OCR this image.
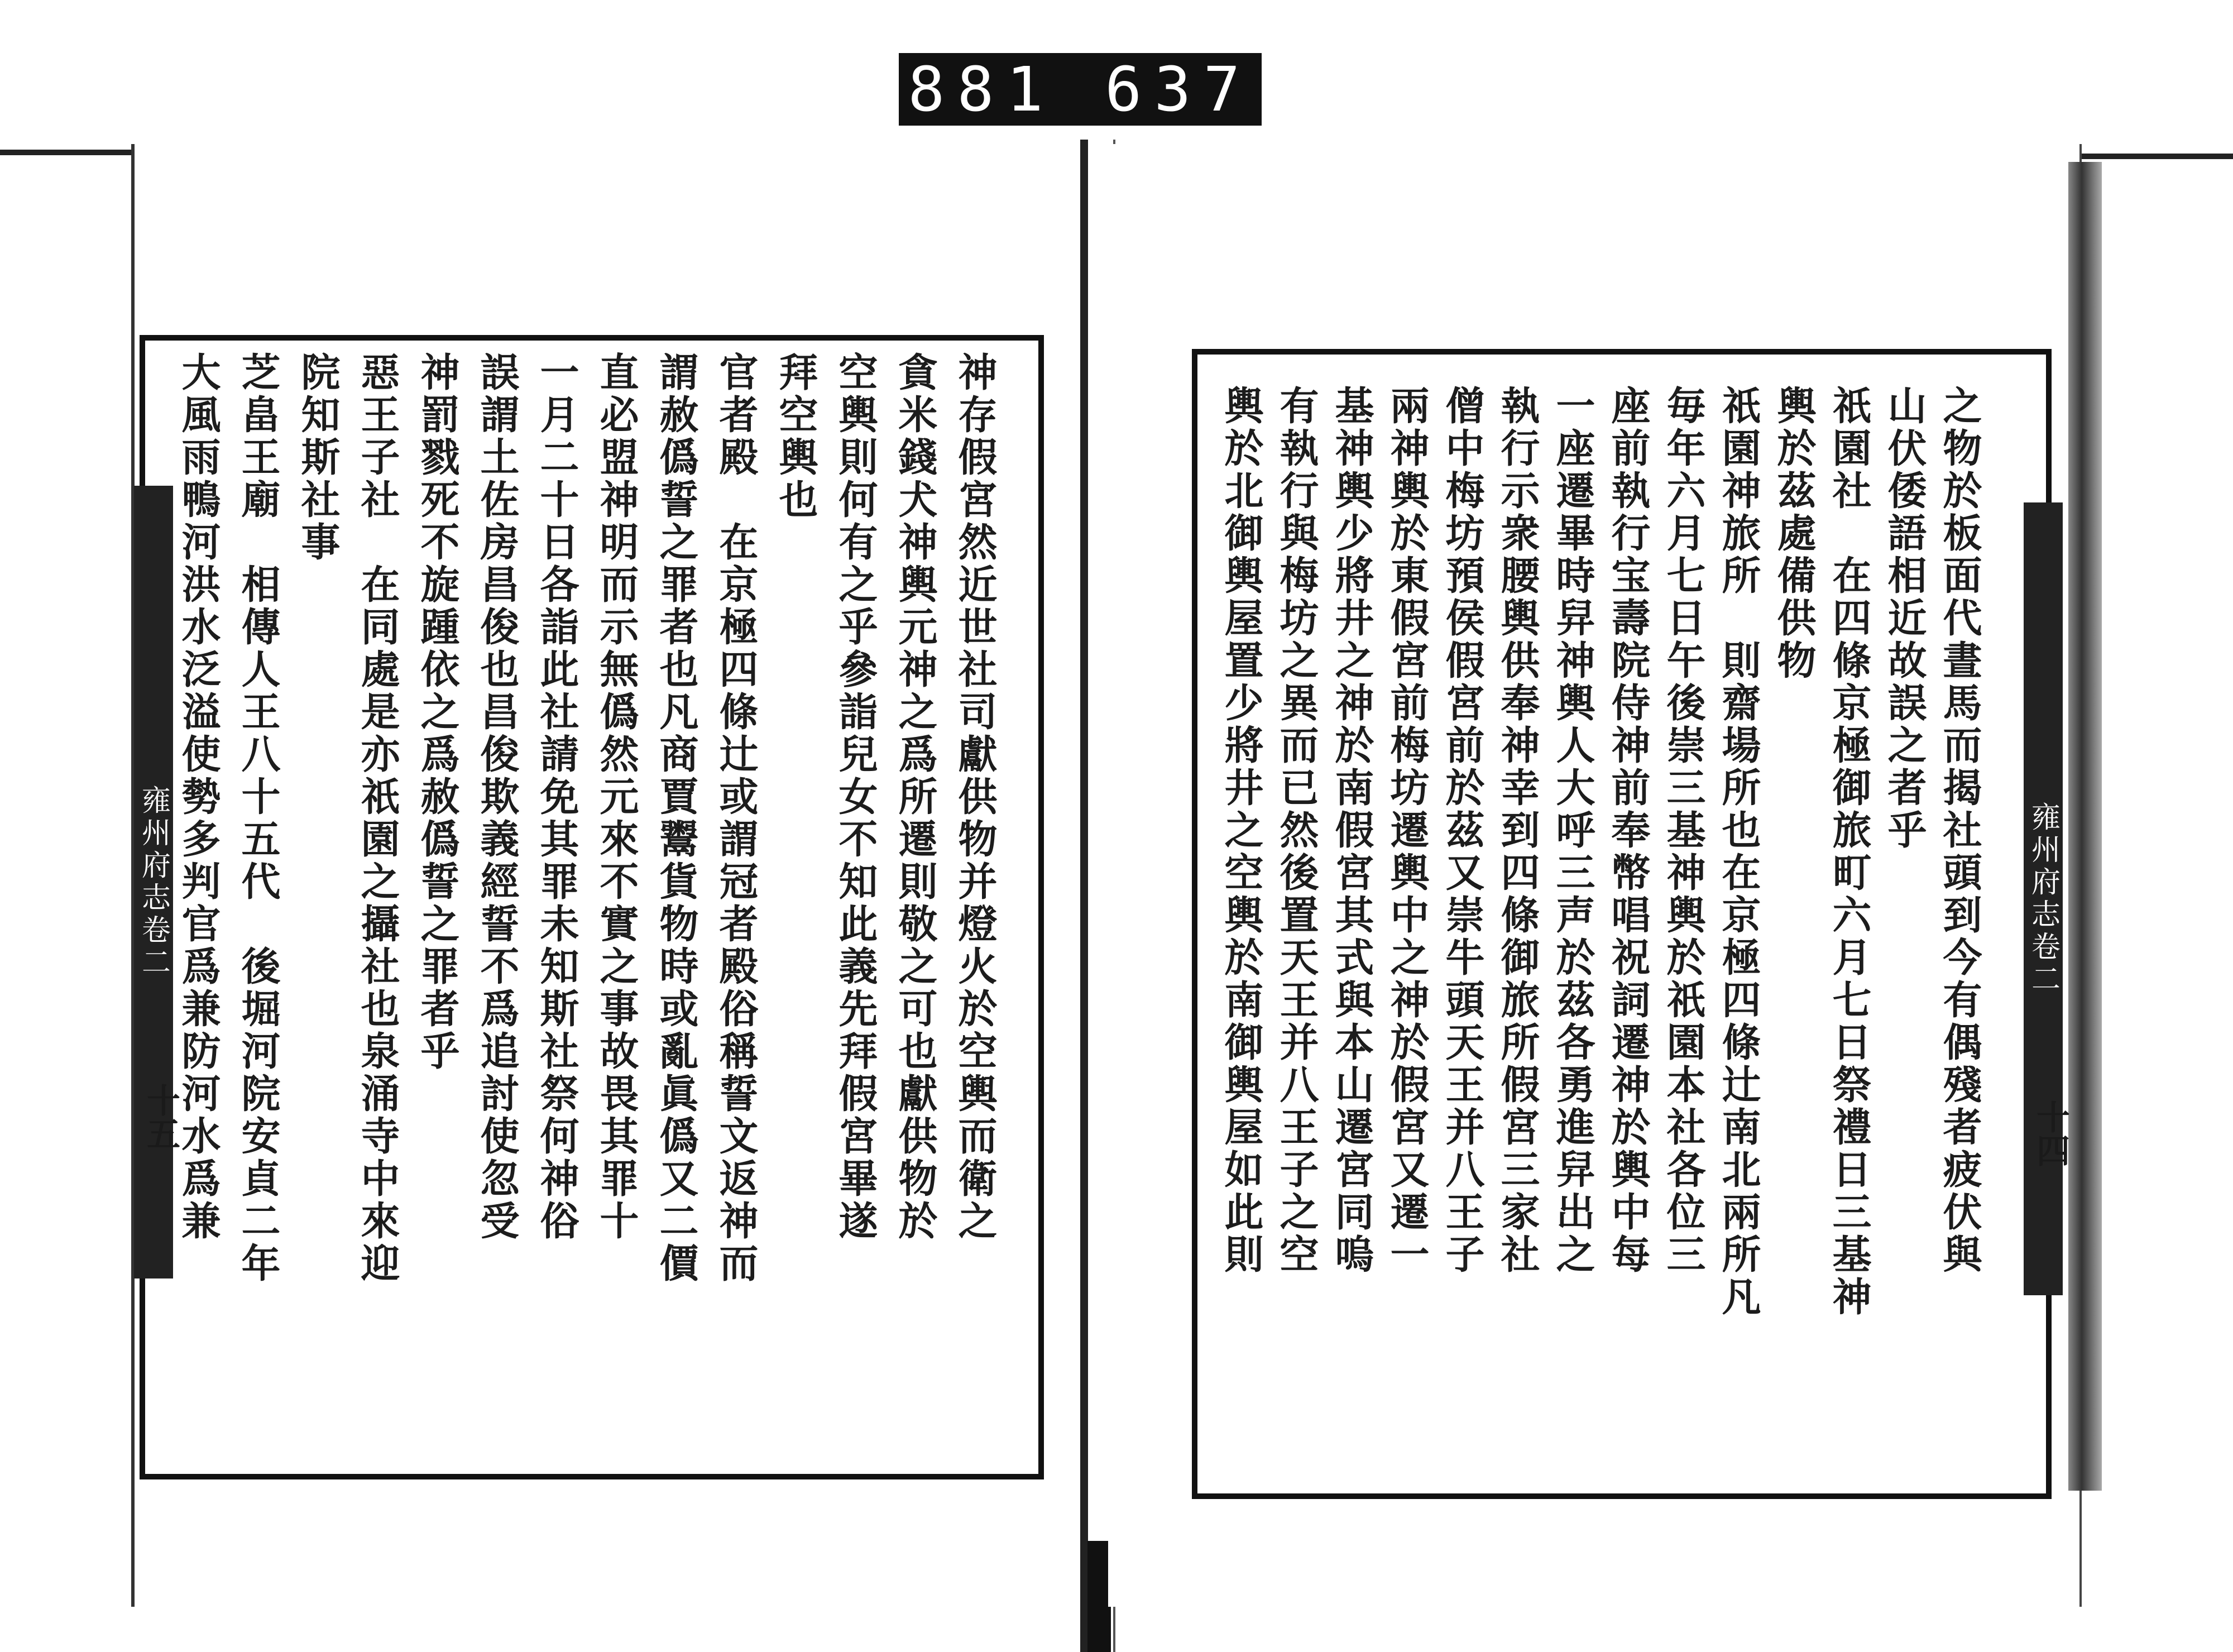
881 637
雍州府志卷二
十五	神存假宮然近世社司獻供物并燈火於空輿而衛之
貪米錢犬神輿元神之爲所遷則敬之可也獻供物於
空輿則何有之乎參詣兒女不知此義先拜假宮畢遂
拜空輿也
官者殿　在京極四條辻或謂冠者殿俗稱誓文返神而
謂赦僞誓之罪者也凡商賈鬻貨物時或亂眞僞又二價
直必盟神明而示無僞然元來不實之事故畏其罪十
一月二十日各詣此社請免其罪未知斯社祭何神俗
誤謂土佐房昌俊也昌俊欺義經誓不爲追討使忽受
神罰戮死不旋踵依之爲赦僞誓之罪者乎
惡王子社　在同處是亦祇園之攝社也泉涌寺中來迎
院知斯社事
芝畠王廟　相傳人王八十五代　後堀河院安貞二年
大風雨鴨河洪水泛溢使勢多判官爲兼防河水爲兼	雍州府志卷二
十四
之物於板面代晝馬而揭社頭到今有偶殘者疲伏與
山伏倭語相近故誤之者乎
祇園社　在四條京極御旅町六月七日祭禮日三基神
輿於茲處備供物
祇園神旅所　則齋場所也在京極四條辻南北兩所凡
毎年六月七日午後崇三基神輿於祇園本社各位三
座前執行宝壽院侍神前奉幣唱祝詞遷神於輿中每
一座遷畢時舁神輿人大呼三声於茲各勇進舁出之
執行示衆腰輿供奉神幸到四條御旅所假宮三家社
僧中梅坊預侯假宮前於茲又崇牛頭天王并八王子
兩神輿於東假宮前梅坊遷輿中之神於假宮又遷一
基神輿少將井之神於南假宮其式與本山遷宮同嗚
有執行與梅坊之異而已然後置天王并八王子之空
輿於北御輿屋置少將井之空輿於南御輿屋如此則
